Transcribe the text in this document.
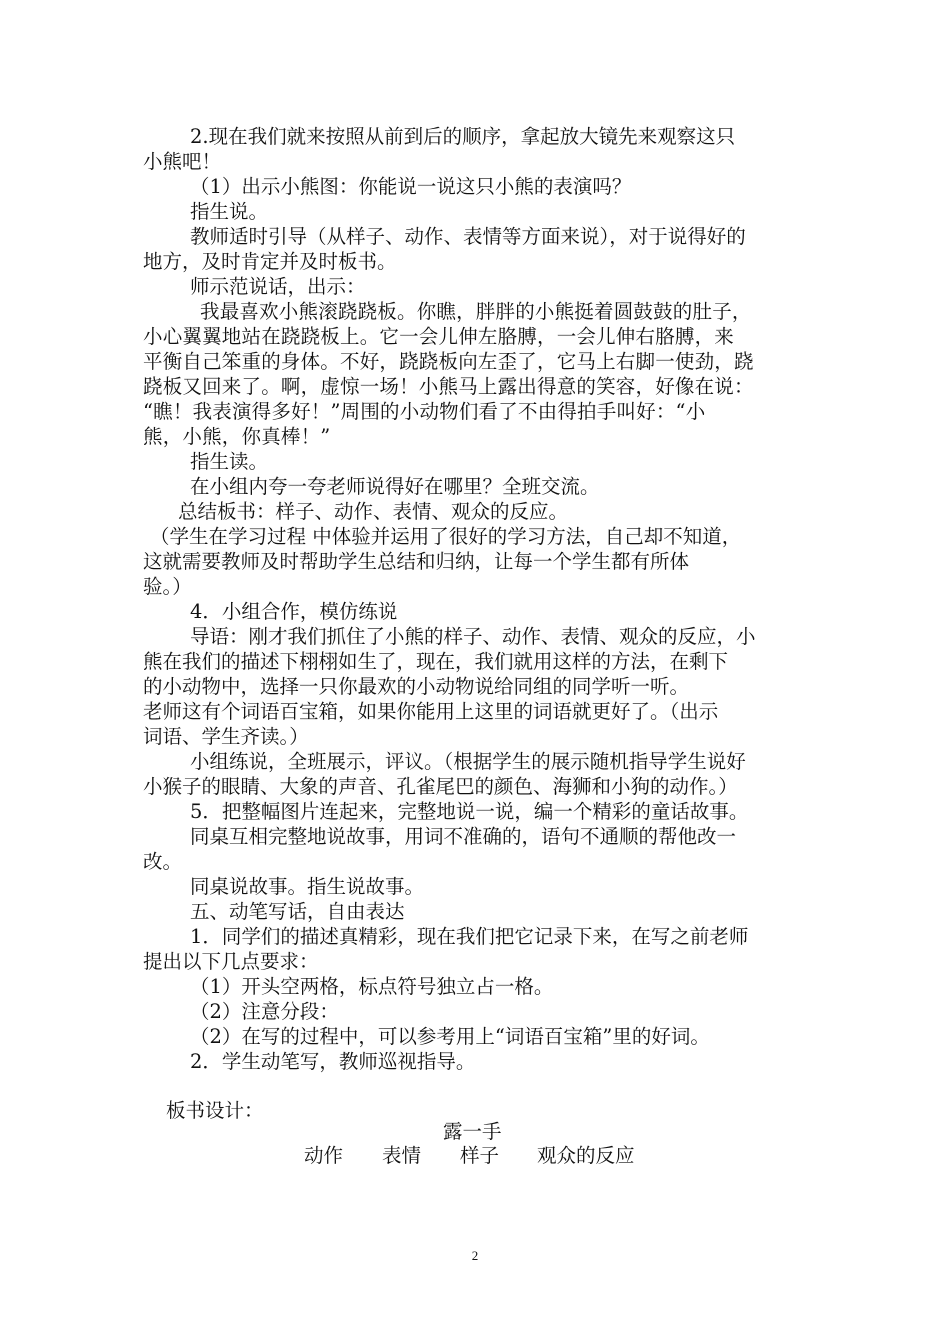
2.现在我们就来按照从前到后的顺序，拿起放大镜先来观察这只
小熊吧！
（1）出示小熊图：你能说一说这只小熊的表演吗？
指生说。
教师适时引导（从样子、动作、表情等方面来说），对于说得好的
地方，及时肯定并及时板书。
师示范说话，出示：
我最喜欢小熊滚跷跷板。你瞧，胖胖的小熊挺着圆鼓鼓的肚子，
小心翼翼地站在跷跷板上。它一会儿伸左胳膊，一会儿伸右胳膊，来
平衡自己笨重的身体。不好，跷跷板向左歪了，它马上右脚一使劲，跷
跷板又回来了。啊，虚惊一场！小熊马上露出得意的笑容，好像在说：
“瞧！我表演得多好！”周围的小动物们看了不由得拍手叫好：“小
熊，小熊，你真棒！”
指生读。
在小组内夸一夸老师说得好在哪里？全班交流。
总结板书：样子、动作、表情、观众的反应。
（学生在学习过程 中体验并运用了很好的学习方法，自己却不知道，
这就需要教师及时帮助学生总结和归纳，让每一个学生都有所体
验。）
4．小组合作，模仿练说
导语：刚才我们抓住了小熊的样子、动作、表情、观众的反应，小
熊在我们的描述下栩栩如生了，现在，我们就用这样的方法，在剩下
的小动物中，选择一只你最欢的小动物说给同组的同学听一听。
老师这有个词语百宝箱，如果你能用上这里的词语就更好了。（出示
词语、学生齐读。）
小组练说，全班展示，评议。（根据学生的展示随机指导学生说好
小猴子的眼睛、大象的声音、孔雀尾巴的颜色、海狮和小狗的动作。）
5．把整幅图片连起来，完整地说一说，编一个精彩的童话故事。
同桌互相完整地说故事，用词不准确的，语句不通顺的帮他改一
改。
同桌说故事。指生说故事。
五、动笔写话，自由表达
1．同学们的描述真精彩，现在我们把它记录下来，在写之前老师
提出以下几点要求：
（1）开头空两格，标点符号独立占一格。
（2）注意分段：
（2）在写的过程中，可以参考用上“词语百宝箱”里的好词。
2．学生动笔写，教师巡视指导。
板书设计：
露一手
动作 表情 样子 观众的反应
2
